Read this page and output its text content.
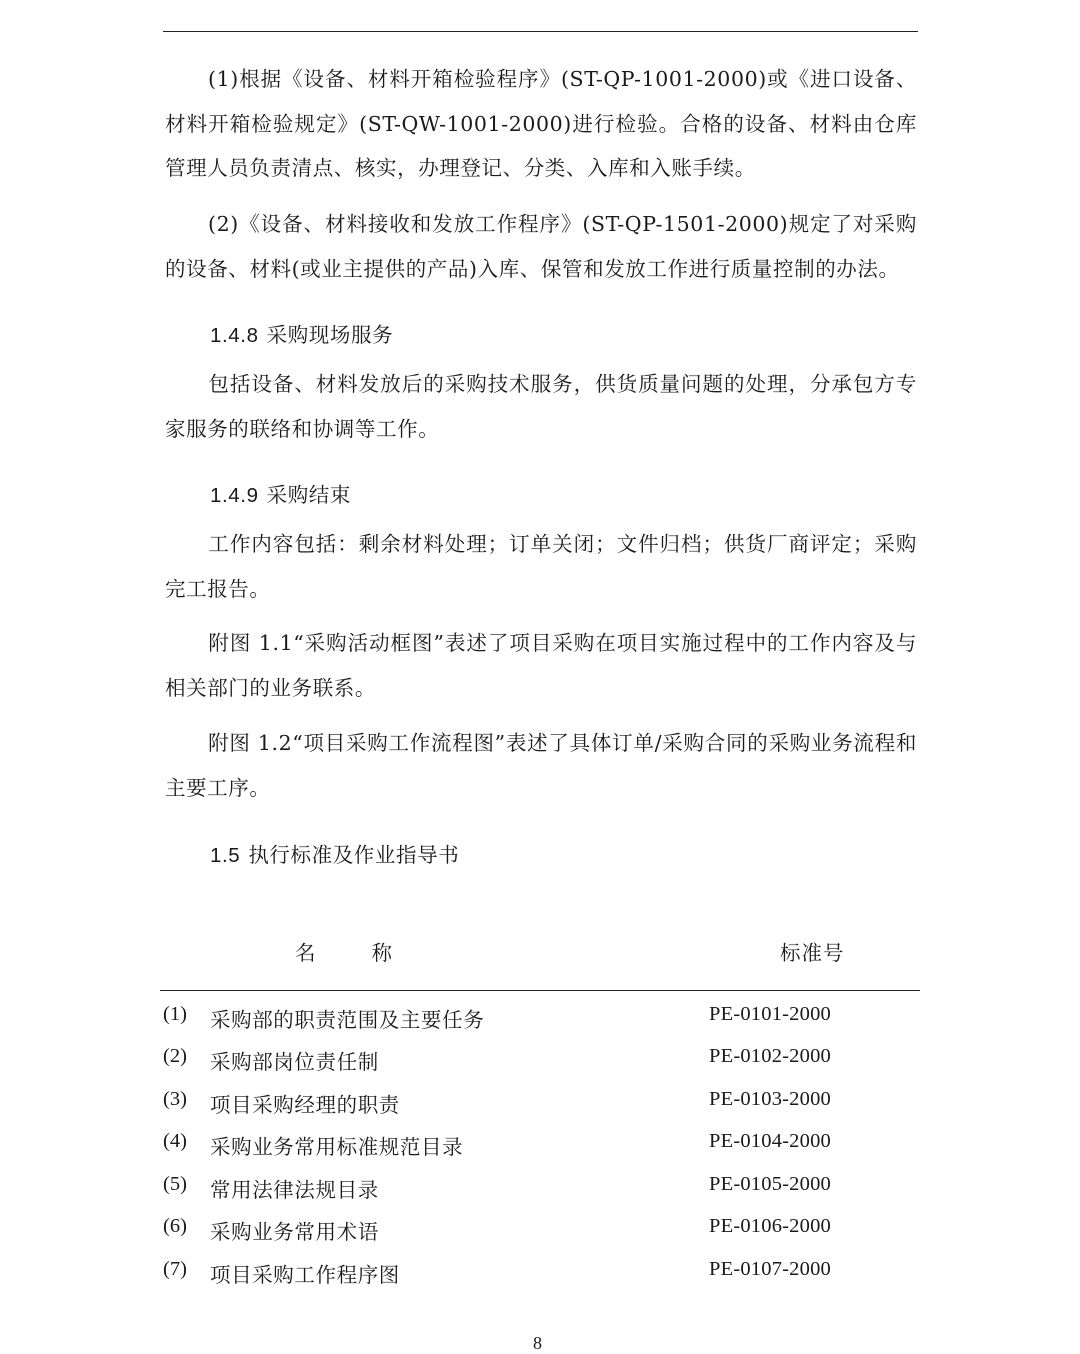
(1)根据《设备、材料开箱检验程序》(ST-QP-1001-2000)或《进口设备、材料开箱检验规定》(ST-QW-1001-2000)进行检验。合格的设备、材料由仓库管理人员负责清点、核实，办理登记、分类、入库和入账手续。
(2)《设备、材料接收和发放工作程序》(ST-QP-1501-2000)规定了对采购的设备、材料(或业主提供的产品)入库、保管和发放工作进行质量控制的办法。
1.4.8 采购现场服务
包括设备、材料发放后的采购技术服务，供货质量问题的处理，分承包方专家服务的联络和协调等工作。
1.4.9 采购结束
工作内容包括：剩余材料处理；订单关闭；文件归档；供货厂商评定；采购完工报告。
附图 1.1“采购活动框图”表述了项目采购在项目实施过程中的工作内容及与相关部门的业务联系。
附图 1.2“项目采购工作流程图”表述了具体订单/采购合同的采购业务流程和主要工序。
1.5 执行标准及作业指导书
名称	标准号
(1) 采购部的职责范围及主要任务	PE-0101-2000
(2) 采购部岗位责任制	PE-0102-2000
(3) 项目采购经理的职责	PE-0103-2000
(4) 采购业务常用标准规范目录	PE-0104-2000
(5) 常用法律法规目录	PE-0105-2000
(6) 采购业务常用术语	PE-0106-2000
(7) 项目采购工作程序图	PE-0107-2000
8
